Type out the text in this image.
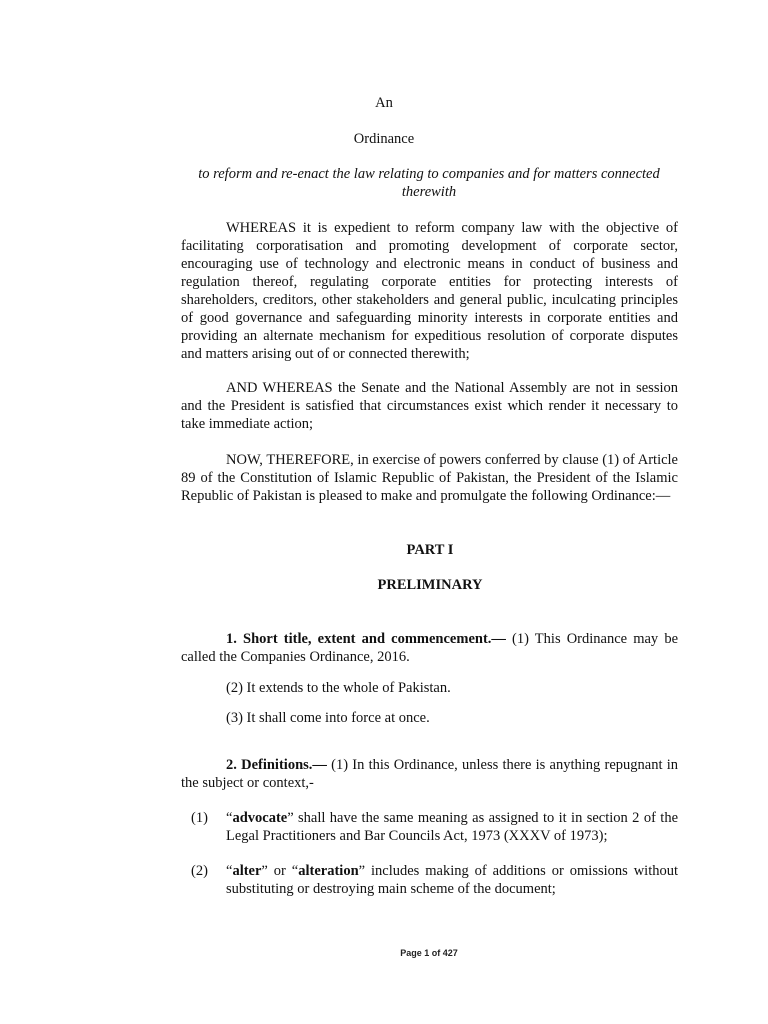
An
Ordinance
to reform and re-enact the law relating to companies and for matters connected therewith

WHEREAS it is expedient to reform company law with the objective of facilitating corporatisation and promoting development of corporate sector, encouraging use of technology and electronic means in conduct of business and regulation thereof, regulating corporate entities for protecting interests of shareholders, creditors, other stakeholders and general public, inculcating principles of good governance and safeguarding minority interests in corporate entities and providing an alternate mechanism for expeditious resolution of corporate disputes and matters arising out of or connected therewith;

AND WHEREAS the Senate and the National Assembly are not in session and the President is satisfied that circumstances exist which render it necessary to take immediate action;

NOW, THEREFORE, in exercise of powers conferred by clause (1) of Article 89 of the Constitution of Islamic Republic of Pakistan, the President of the Islamic Republic of Pakistan is pleased to make and promulgate the following Ordinance:—

PART I
PRELIMINARY

1. Short title, extent and commencement.— (1) This Ordinance may be called the Companies Ordinance, 2016.

(2) It extends to the whole of Pakistan.
(3) It shall come into force at once.

2. Definitions.— (1) In this Ordinance, unless there is anything repugnant in the subject or context,-

(1) “advocate” shall have the same meaning as assigned to it in section 2 of the Legal Practitioners and Bar Councils Act, 1973 (XXXV of 1973);
(2) “alter” or “alteration” includes making of additions or omissions without substituting or destroying main scheme of the document;
Page 1 of 427
